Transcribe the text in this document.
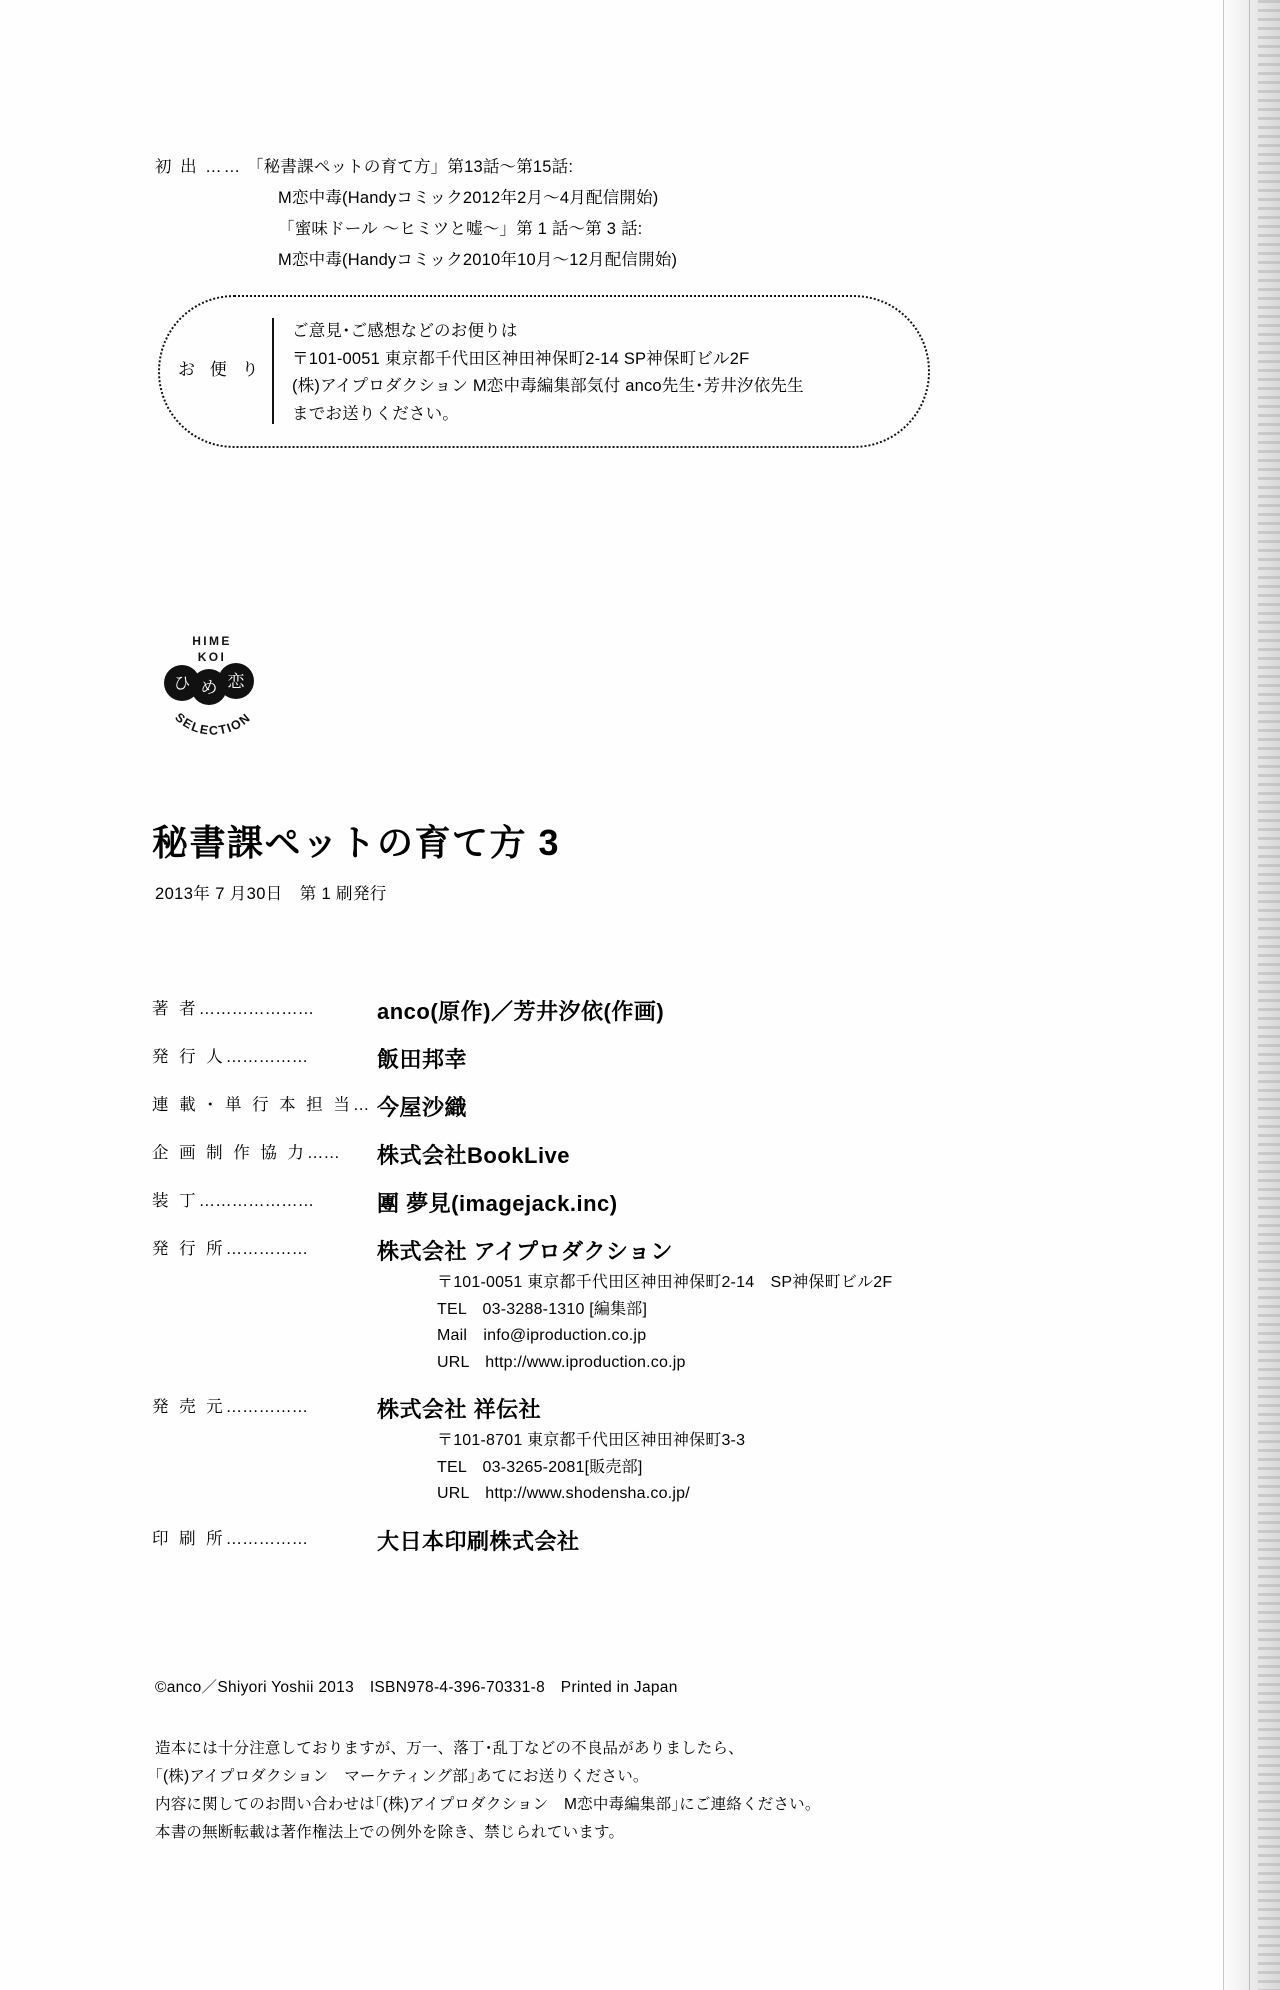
初 出 …… 「秘書課ペットの育て方」第13話〜第15話:
M恋中毒(Handyコミック2012年2月〜4月配信開始)
「蜜味ドール 〜ヒミツと嘘〜」第 1 話〜第 3 話:
M恋中毒(Handyコミック2010年10月〜12月配信開始)
お 便 り
ご意見･ご感想などのお便りは
〒101-0051 東京都千代田区神田神保町2-14 SP神保町ビル2F
(株)アイプロダクション M恋中毒編集部気付 anco先生･芳井汐依先生
までお送りください。
HIME
KOI
ひ め 恋
SELECTION
秘書課ペットの育て方 3
2013年 7 月30日　第 1 刷発行
著 者…………………	anco(原作)／芳井汐依(作画)
発 行 人……………	飯田邦幸
連 載 ･ 単 行 本 担 当… 今屋沙織
企 画 制 作 協 力…… 株式会社BookLive
装 丁…………………	團 夢見(imagejack.inc)
発 行 所……………	株式会社 アイプロダクション
〒101-0051 東京都千代田区神田神保町2-14　SP神保町ビル2F
TEL　03-3288-1310 [編集部]
Mail　info@iproduction.co.jp
URL　http://www.iproduction.co.jp
発 売 元……………	株式会社 祥伝社
〒101-8701 東京都千代田区神田神保町3-3
TEL　03-3265-2081[販売部]
URL　http://www.shodensha.co.jp/
印 刷 所……………	大日本印刷株式会社
©anco／Shiyori Yoshii 2013　ISBN978-4-396-70331-8　Printed in Japan
造本には十分注意しておりますが、万一、落丁･乱丁などの不良品がありましたら、
｢(株)アイプロダクション　マーケティング部｣あてにお送りください。
内容に関してのお問い合わせは｢(株)アイプロダクション　M恋中毒編集部｣にご連絡ください。
本書の無断転載は著作権法上での例外を除き、禁じられています。
